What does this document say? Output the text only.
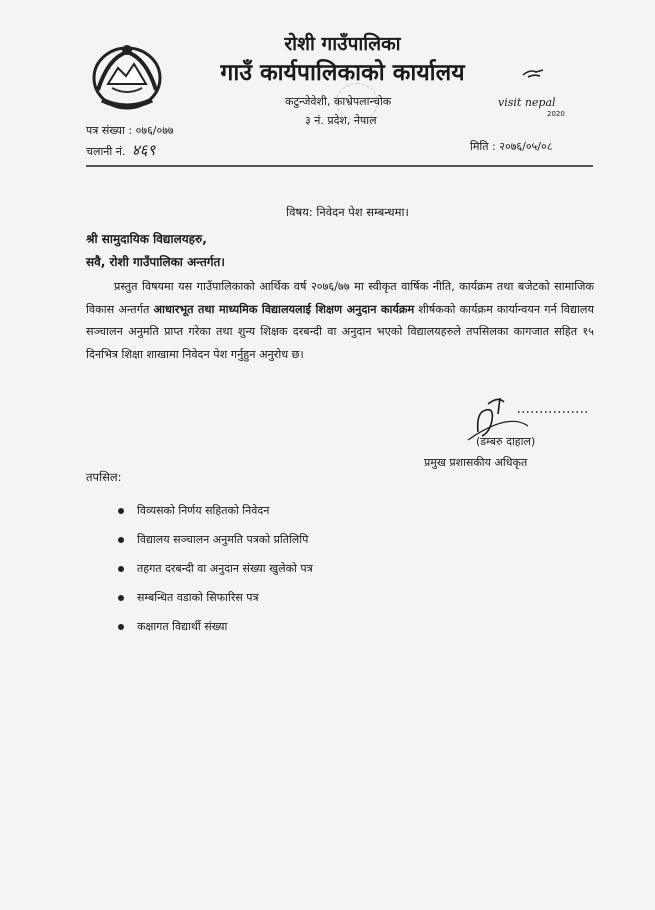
रोशी गाउँपालिका
गाउँ कार्यपालिकाको कार्यालय
कटुन्जेवेशी, काभ्रेपलान्चोक
३ नं. प्रदेश, नेपाल
visit nepal
2020
पत्र संख्या : ०७६/०७७
चलानी नं. ४६९	मिति : २०७६/०५/०८
विषय: निवेदन पेश सम्बन्धमा।
श्री सामुदायिक विद्यालयहरु,
सवै, रोशी गाउँपालिका अन्तर्गत।

प्रस्तुत विषयमा यस गाउँपालिकाको आर्थिक वर्ष २०७६/७७ मा स्वीकृत वार्षिक नीति, कार्यक्रम तथा बजेटको सामाजिक विकास अन्तर्गत आधारभूत तथा माध्यमिक विद्यालयलाई शिक्षण अनुदान कार्यक्रम शीर्षकको कार्यक्रम कार्यान्वयन गर्न विद्यालय सञ्चालन अनुमति प्राप्त गरेका तथा शुन्य शिक्षक दरबन्दी वा अनुदान भएको विद्यालयहरुले तपसिलका कागजात सहित १५ दिनभित्र शिक्षा शाखामा निवेदन पेश गर्नुहुन अनुरोध छ।

(डम्बरु दाहाल)
प्रमुख प्रशासकीय अधिकृत
तपसिल:
विव्यसको निर्णय सहितको निवेदन
विद्यालय सञ्चालन अनुमति पत्रको प्रतिलिपि
तहगत दरबन्दी वा अनुदान संख्या खुलेको पत्र
सम्बन्धित वडाको सिफारिस पत्र
कक्षागत विद्यार्थी संख्या
